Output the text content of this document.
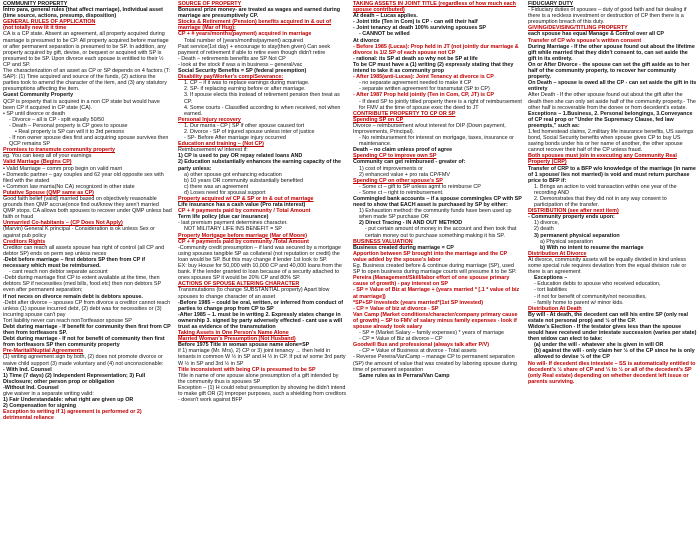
COMMUNITY PROPERTY

Intro para, general rules (that affect marriage), Individual asset (time source, actions, presump, disposition)

GENERAL RULES OF APPLICATION

(not totally new lit it time

CA is a CP state. Absent an agreement, all property acquired during marriage is presumed to be CP. All property acquired before marriage or after permanent separation is presumed to be SP. In addition, any property acquired by gift, devise, or bequest or acquired with SP is presumed to be SP. Upon divorce each spouse is entitled to their ½ CP and SP.

The characterization of an asset as CP or SP depends on 4 factors (T: SAP): (1) Time acquired and source of the funds, (2) actions the parties took to amend the character of the item, and (3) any statutory presumptions affecting the item.

Guest Community Property

QCP is property that is acquired in a non CP state but would have been CP if acquired in CP state (CA).

• SP until divorce or death

- Divorce – all is CP - split equally 50/50

- Death – Personal property is CP goes to spouse

• Real property is SP can will it to 3rd persons

- If non owner spouse dies first and acquiring spouse survives then QCP remains SP

Promises to transmute community property

eg. You can keep all of your earnings

Valid Marriage (Begins CP)

• Valid Marriage – comm prop begin on valid marri

• Domestic partner – gay couples and 62 year old opposite sex with filed with the stated

• Common law marria(No CA) recognized in other state

Putative Spouse (QMP same as CP)

Good faith belief (valid) married based on objectively reasonable grounds then QMP accrue(once find out/know they aren't married QMP stops. CA allows both spouses to recover under QMP unless bad faith or fraud

Unmarried Co-habitants – (CP Does Not Apply)

(Marvin) General K principal - Consideration is ok unless Sex or against pub policy

Creditors Rights

Creditor can reach all assets spouse has right of control (all CP and debtor SP) ends on perm sep unless neces

-Debt before marriage – first debtors SP then from CP if necessary which must be reimbursed.

- cant reach non debtor separate account

-Debt during marriage first CP to extent available at the time, then debtors SP if necessities (med bills, food etc) then non debtors SP even after permanent separation;

if not neces on divorce remain debt is debtors spouse.

-Debt after divorce – spouses CP from divorce a creditor cannot reach unless (1) spouse incurred debt, (2) debt was for necessities or (3) incurring spouse can't pay

Tort liability never can reach nonTortfeasor spouse SP

Debt during marriage - If benefit for community then first from CP then from tortfeasors SP.

Debt during marriage - If not for benefit of community then first from tortfeasors SP then community property

Pre-Marital/Nuptial Agreements

(1) writing agreement sign by both, (2) does not promote divorce or waive child support (3) made voluntary and (4) not unconscionable:

- With Ind. Counsel

1) Time (7 days) (2) Independent Representation; 3) Full Disclosure; other person prop or obligation

-Without Ind. Counsel

give waiver in a separate writing valid:

1) Fair Understandable: what right are given up OR

2) Compensation for signing

Exception to writing if 1) agreement is performed or 2) detrimental reliance

SOURCE OF PROPERTY

Bonuses/ prize money- are treated as wages and earned during marriage are presumptively CP.

Stocks & Retirement (Pension) benefits acquired in & out of marriage (Mar of Hug):

CP + # years/months(payment) acquired in marriage

Total number of (years/months/payment) acquired

Past service(1st day) + encourage to stay(then given) Can seek payment of retirement if able to retire even though didn't retire

- Death – retirements benefits are SP Not CP

- look at the stock if was a in business – general/vac

Social Security Benefits = SP (federal preemption)

Disability pay/Worker's comp/Severance:

1. CP – if it was to replace earnings during marriage.

2. SP- if replacing earning before or after marriage.

3. If spouse elects this instead of retirement pension then treat as CP.

4. Some courts - Classified according to when received, not when earned.

Personal Injury recovery

1. Dur marria - CP | SP if other spouse caused tort

2. Divorce - SP of injured spouse unless inter of justice

- SP- Before After marriage injury occurred

Education and training – (Not CP)

Reimbursement w/ interest if:

1) CP is used to pay OR repay related loans AND

2) Education substantially enhances the earning capacity of the party unless:

a) other spouse got enhancing education

b) 10 years OR community substantially benefited

c) there was an agreement

d) Loses need for spousal support

Property acquired w/ CP & SP or in & out of marriage

Life insurance has a cash value (Pro rata interest)

CP + # payments paid by community / Total Amount

Term life policy (due car insurance)

- last premium payment determines character.

NOT MILITARY LIFE INS BENEFIT = SP

Property Mortgage before marriage (Mar of Moore)

CP + # payments paid by community /Total Amount

-Community credit presumption – if land was secured by a mortgage using spouses tangible SP as collateral (not reputation or credit) the loan would be SP. But this may change if lender 1st look to SP.

EX: buy House for 50,000 with 10,000 CP and 40,000 loans from the bank. If the lender granted to loan because of a security attached to ones spouses SP it would be 20% CP and 80% SP.

ACTIONS OF SPOUSE ALTERING CHARACTER

Transmutations (to change SUBSTANTIAL property) Apart blow spouses to change character of an asset

-Before 1985 – could be oral, written, or inferred from conduct of parties to change prop from CP to SP

-After 1985 – 1. must be in writing 2. Expressly states change in ownership 3. signed by party adversely effected - cant use a will trust as evidence of the transmutation

Taking Assets in One Person's Name Alone

Married Woman's Presumption (Not Husband)

Before 1975 Title in woman spouse name alone=SP

if 1) marriage (Mr. Mrs), 2) CP or 3) joint tenancy → then held in tenants in common W ½ in SP and H ½ in CP. If put w/ some 3rd party W ½ in SP and 3rd ½ in SP

Title inconsistent with being CP is presumed to be SP

Title in name of one spouse alone presumption of a gift intended by the community thus is spouses SP

Exception – (1) H could rebut presumption by showing he didn't intend to make gift OR (2) improper purposes, such a shielding from creditors - doesn't work against BFP

TAKING ASSETS IN JOINT TITLE (regardless of how much each spouse contributed)

At death – Lucas applies.

- Joint title (Ten in Com) is CP - can will their half

- Joint tenancy at death 100% surviving spouses SP

- CANNOT be willed

At divorce

- Before 1985 (Lucas): Prop held in JT (not jointly dur marriage & divorce is 1/2 SP of each spouse not CP

- rational: its SP at death so why not be SP at life

To be CP must have a (1) writing (2) expressly stating that they intend to take it as community prop

- After 1985(anti-Lucas): Joint Tenancy at divorce is CP

- no separate agreement needed to make it CP

- separate written agreement for transmutat (SP to CP)

- After 1987 Prop held jointly (Ten in Com, CP, JT) is CP

- If deed SP to jointly titled property there is a right of reimbursement for FMV at the time of spouse exec the deed to JT

CONTRIBUTE PROPERTY TO CP OR SP

Spending SP on CP

Divorce – reimbursement w/out interest for DIP (Down payment, Improvements, Principal).

- No reimbursement for interest on mortgage, taxes, insurance or maintenance.

Death – no claim unless proof of agree

Spending CP to improve own SP

Community can get reimbursed - greater of:

1) cost of improvements or

2) enhanced value + pro rata CP/FMV

Spending CP on other spouse's SP

- Some ct – gift to SP unless agmt to reimburse CP

- Some ct – right to reimbursement.

Commingled bank accounts – if a spouse commingles CP with SP need to show that EACH asset is purchased by SP by either:

1) Exhaustion method: the community funds have been used up when made SP purchase OR

2) Direct Tracing - IN AND OUT METHOD

- put certain amount of money in the account and then took that certain money out to purchase something making it his SP.

BUSINESS VALUATION

Business created during marriage = CP

Apportion between SP brought into the marriage and the CP value added by the spouse's labor

Eg. Business created before & continue during marriage (SP), used SP to open business during marriage courts will presume it to be SP.

Pereira (Management/Skill/labor effort of one spouse primary cause of growth) - pay interest on SP

- SP = Value of Biz at Marriage + (years married * [.1 * value of biz at marriage])

*SP+SP investedx (years married*(1st SP invested)

- CP = Value of biz at divorce - SP

Van Camp (Market conditions/character/company primary cause of growth) – SP to FMV of salary minus family expenses - look if spouse already took salary

- SP = (Market Salary – family expenses) * years of marriage

- CP = Value of Biz at divorce – CP

Goodwill Bus and professional (always talk after P/V)

- CP = Value of Business at divorce - Total assets

- Reverse Pereira/VanCamp – manage CP to permanent separation (SP) the amount of value that was created by laboring spouse during time of permanent separation

Same rules as in Perrara/Van Camp

FIDUCIARY DUTY

- Fiduciary duties of spouses – duty of good faith and fair dealing if there is a reckless investment or destruction of CP then there is a presumption breach of this duty.

GIVING/DEVISING/TITLING PROPERTY

each spouse has equal Manage & Control over all CP

Transfer of CP w/o spouse's written consent

During Marriage - If the other spouse found out about the lifetime gift while married that they didn't consent to, can set aside the gift in its entirety.

On or After Divorce - the spouse can set the gift aside as to her half of the community property, to recover her community property.

On Death – spouse is owed all the CP - can set aside the gift in its entirety

After Death - If the other spouse found out about the gift after the death then she can only set aside half of the community property.- The other half is recoverable from the donee or from decedent's estate.

Exceptions – 1.Business, 2. Personal belongings, 3.Conveyance of CP real prop or "Under the Supremacy Clause, fed law preempts," such as:

1.fed homestead claims, 2.military life insurance benefits, US savings bond, Social Security benefits when spouse gives CP to buy US saving bonds under his or her name of another, the other spouse cannot recover their half of the CP unless fraud.

Both spouses must join in executing any Community Real Property (CRP)

Transfer of CRP to a BFP w/o knowledge of the marriage (in name of 1 spouse/ lies not married) is void and must return purchase price to BFP if:

1. Brings an action to void transaction within one year of the recording AND

2. Demonstrates that they did not in any way consent to participation of the transfer.

DISTRIBUTION (see after next item)

- Community property ends upon:

1) divorce,

2) death

3) permanent physical separation

a) Physical separation

b) With no intent to resume the marriage

Distribution At Divorce

At divorce, community assets will be equally divided in kind unless some special rule requires deviation from the equal division rule or there is an agreement

Exceptions –

- Education debts to spouse who received education,

- tort liabilities

- if not for benefit of community/not necessities,

- family home to parent w/ minor kids.

Distribution At Death

By will - At death, the decedent can will his entire SP (only real estate not personal prop) and ½ of the CP.

Widow's Election - If the testator gives less than the spouse would have received under intestate succession (varies per state) then widow can elect to take:

(a) under the will - whatever she is given in will OR

(b) against the will - only claim her ½ of the CP since he is only allowed to devise ½ of the CP

No will- If decedent dies intestate – SS is automatically entitled to decedent's ½ share of CP and ⅓ to ½ or all of the decedent's SP (only Real estate) depending on whether decedent left issue or parents surviving.
